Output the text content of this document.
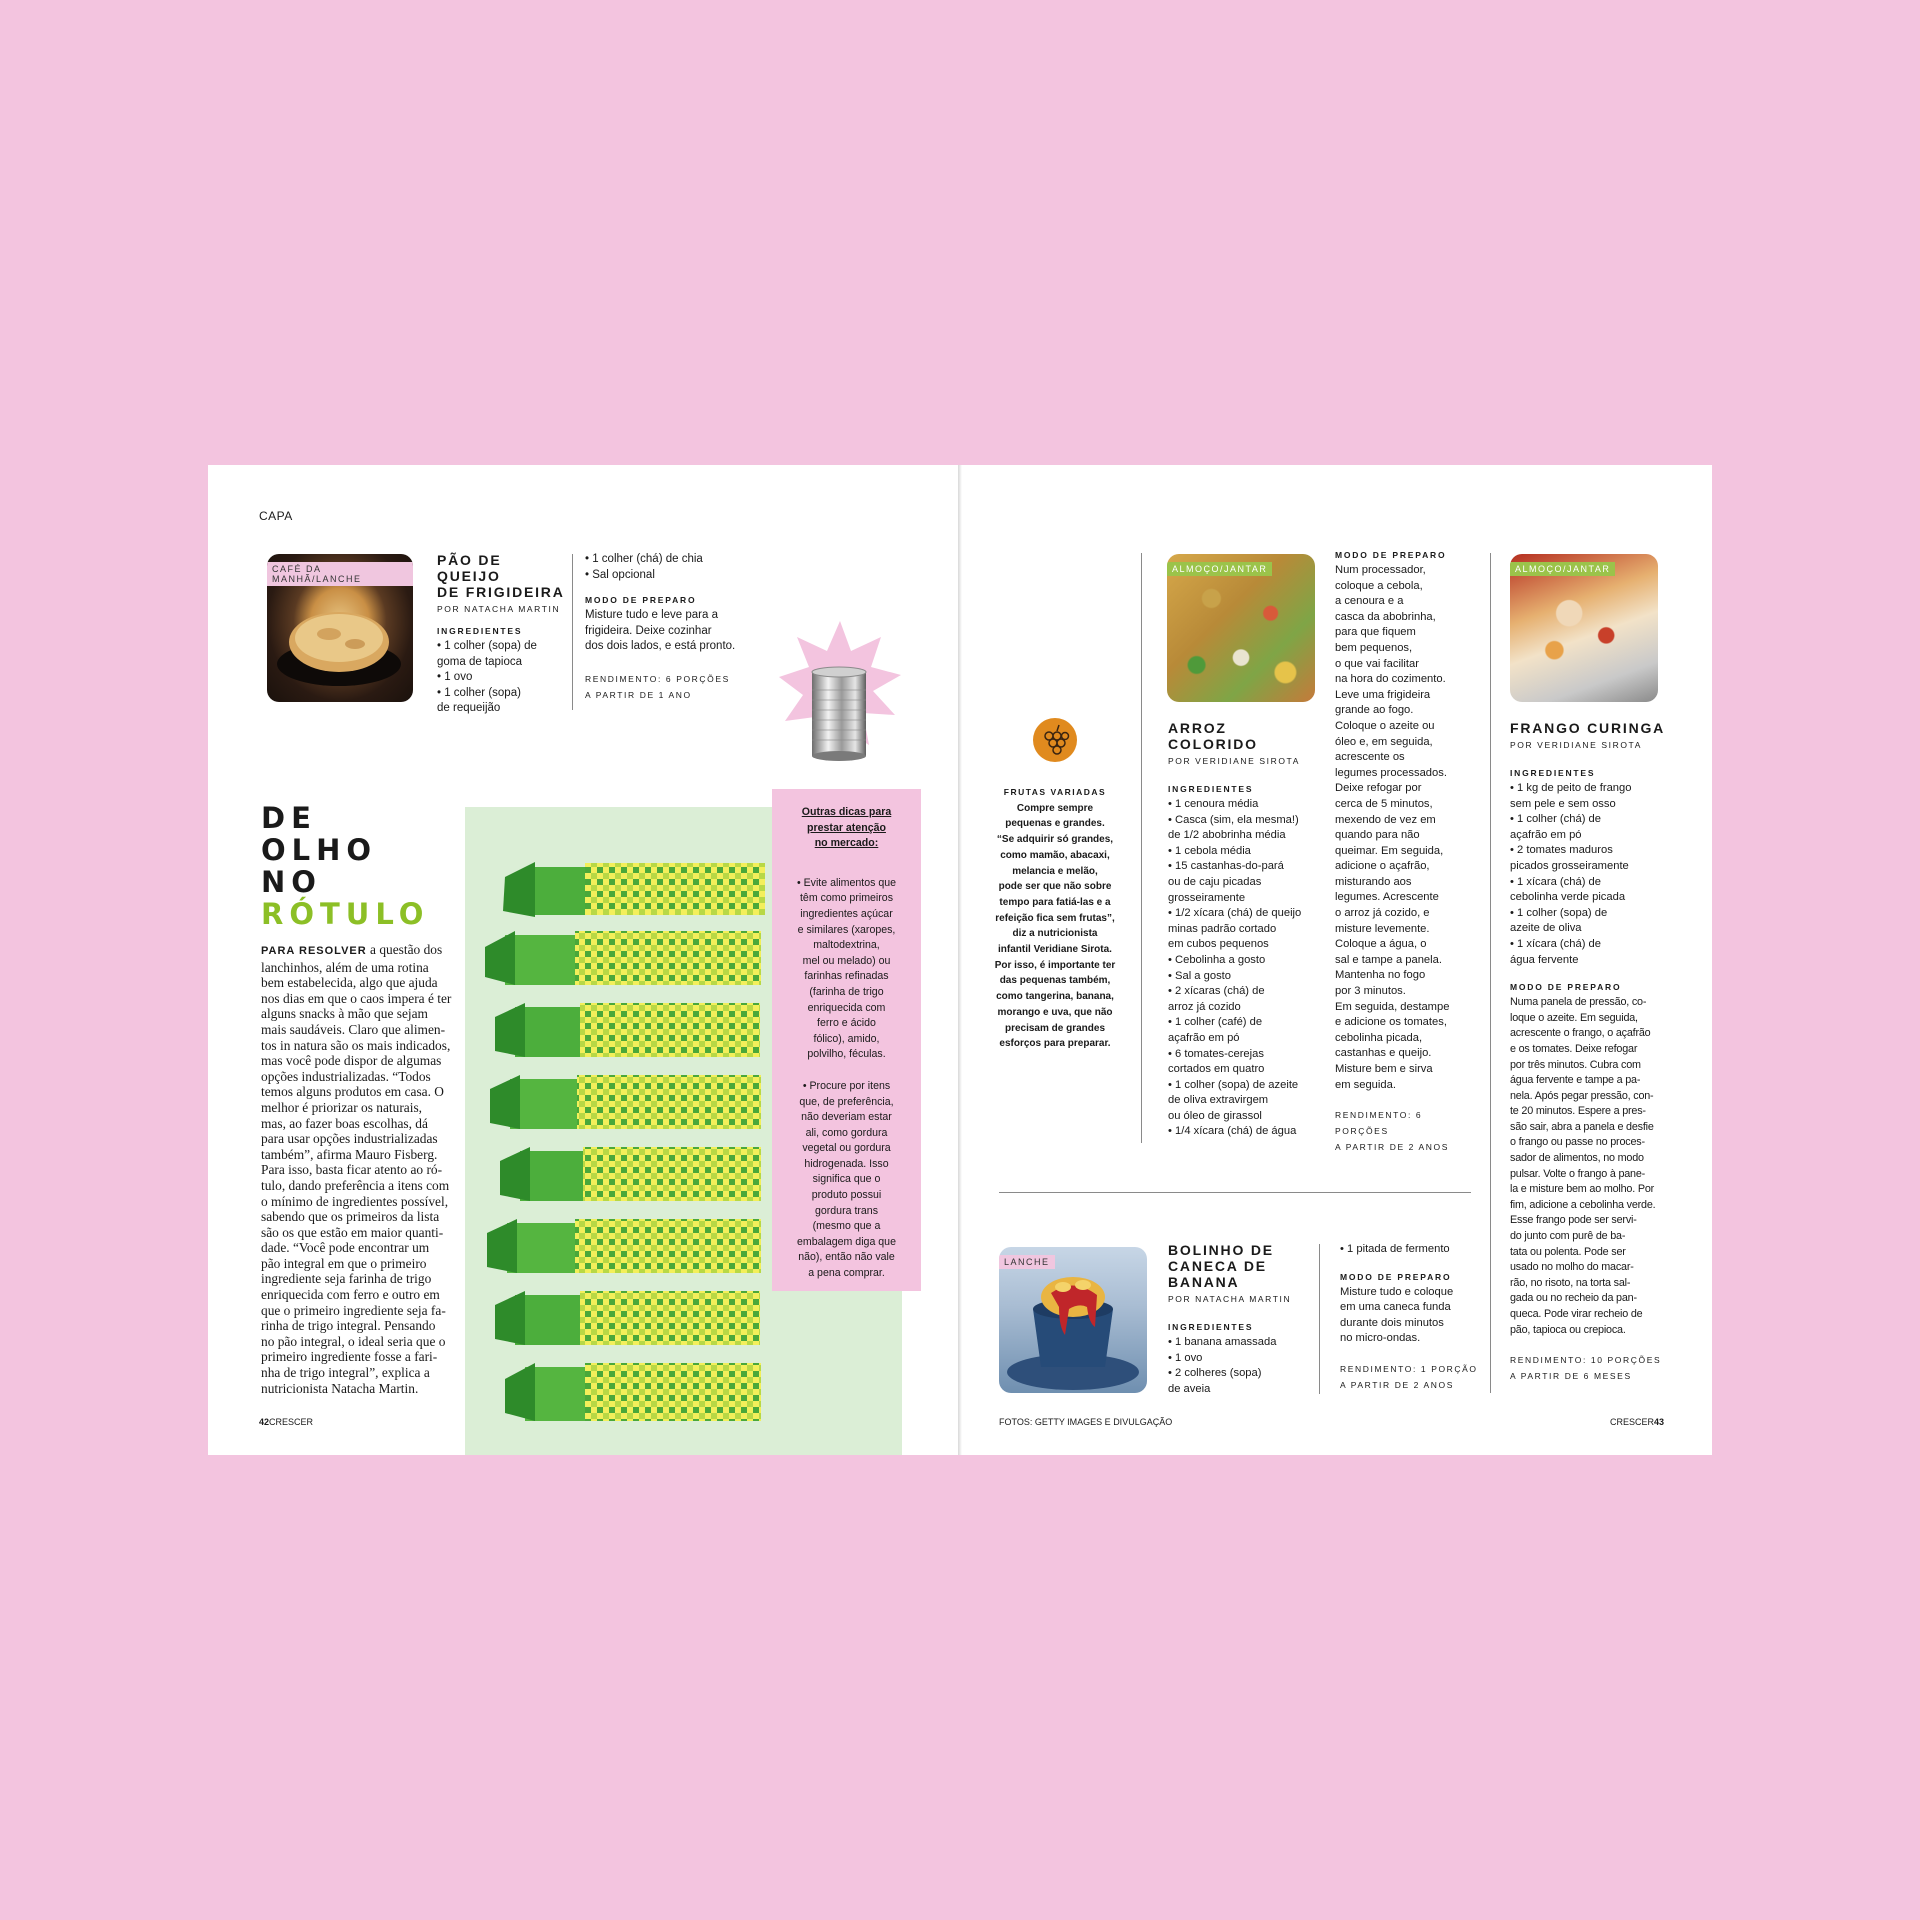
CAPA
CAFÉ DA MANHÃ/LANCHE
PÃO DE QUEIJO
DE FRIGIDEIRA
POR NATACHA MARTIN
INGREDIENTES
• 1 colher (sopa) de
goma de tapioca
• 1 ovo
• 1 colher (sopa)
de requeijão
• 1 colher (chá) de chia
• Sal opcional
MODO DE PREPARO
Misture tudo e leve para a
frigideira. Deixe cozinhar
dos dois lados, e está pronto.
RENDIMENTO: 6 PORÇÕES
A PARTIR DE 1 ANO
DE
OLHO
NO
RÓTULO
PARA RESOLVER a questão dos
lanchinhos, além de uma rotina
bem estabelecida, algo que ajuda
nos dias em que o caos impera é ter
alguns snacks à mão que sejam
mais saudáveis. Claro que alimen-
tos in natura são os mais indicados,
mas você pode dispor de algumas
opções industrializadas. “Todos
temos alguns produtos em casa. O
melhor é priorizar os naturais,
mas, ao fazer boas escolhas, dá
para usar opções industrializadas
também”, afirma Mauro Fisberg.
Para isso, basta ficar atento ao ró-
tulo, dando preferência a itens com
o mínimo de ingredientes possível,
sabendo que os primeiros da lista
são os que estão em maior quanti-
dade. “Você pode encontrar um
pão integral em que o primeiro
ingrediente seja farinha de trigo
enriquecida com ferro e outro em
que o primeiro ingrediente seja fa-
rinha de trigo integral. Pensando
no pão integral, o ideal seria que o
primeiro ingrediente fosse a fari-
nha de trigo integral”, explica a
nutricionista Natacha Martin.
Outras dicas para
prestar atenção
no mercado:
• Evite alimentos que
têm como primeiros
ingredientes açúcar
e similares (xaropes,
maltodextrina,
mel ou melado) ou
farinhas refinadas
(farinha de trigo
enriquecida com
ferro e ácido
fólico), amido,
polvilho, féculas.
• Procure por itens
que, de preferência,
não deveriam estar
ali, como gordura
vegetal ou gordura
hidrogenada. Isso
significa que o
produto possui
gordura trans
(mesmo que a
embalagem diga que
não), então não vale
a pena comprar.
42CRESCER
FRUTAS VARIADAS
Compre sempre
pequenas e grandes.
“Se adquirir só grandes,
como mamão, abacaxi,
melancia e melão,
pode ser que não sobre
tempo para fatiá-las e a
refeição fica sem frutas”,
diz a nutricionista
infantil Veridiane Sirota.
Por isso, é importante ter
das pequenas também,
como tangerina, banana,
morango e uva, que não
precisam de grandes
esforços para preparar.
ALMOÇO/JANTAR
ARROZ
COLORIDO
POR VERIDIANE SIROTA
INGREDIENTES
• 1 cenoura média
• Casca (sim, ela mesma!)
de 1/2 abobrinha média
• 1 cebola média
• 15 castanhas-do-pará
ou de caju picadas
grosseiramente
• 1/2 xícara (chá) de queijo
minas padrão cortado
em cubos pequenos
• Cebolinha a gosto
• Sal a gosto
• 2 xícaras (chá) de
arroz já cozido
• 1 colher (café) de
açafrão em pó
• 6 tomates-cerejas
cortados em quatro
• 1 colher (sopa) de azeite
de oliva extravirgem
ou óleo de girassol
• 1/4 xícara (chá) de água
MODO DE PREPARO
Num processador,
coloque a cebola,
a cenoura e a
casca da abobrinha,
para que fiquem
bem pequenos,
o que vai facilitar
na hora do cozimento.
Leve uma frigideira
grande ao fogo.
Coloque o azeite ou
óleo e, em seguida,
acrescente os
legumes processados.
Deixe refogar por
cerca de 5 minutos,
mexendo de vez em
quando para não
queimar. Em seguida,
adicione o açafrão,
misturando aos
legumes. Acrescente
o arroz já cozido, e
misture levemente.
Coloque a água, o
sal e tampe a panela.
Mantenha no fogo
por 3 minutos.
Em seguida, destampe
e adicione os tomates,
cebolinha picada,
castanhas e queijo.
Misture bem e sirva
em seguida.
RENDIMENTO: 6 PORÇÕES
A PARTIR DE 2 ANOS
ALMOÇO/JANTAR
FRANGO CURINGA
POR VERIDIANE SIROTA
INGREDIENTES
• 1 kg de peito de frango
sem pele e sem osso
• 1 colher (chá) de
açafrão em pó
• 2 tomates maduros
picados grosseiramente
• 1 xícara (chá) de
cebolinha verde picada
• 1 colher (sopa) de
azeite de oliva
• 1 xícara (chá) de
água fervente
MODO DE PREPARO
Numa panela de pressão, co-
loque o azeite. Em seguida,
acrescente o frango, o açafrão
e os tomates. Deixe refogar
por três minutos. Cubra com
água fervente e tampe a pa-
nela. Após pegar pressão, con-
te 20 minutos. Espere a pres-
são sair, abra a panela e desfie
o frango ou passe no proces-
sador de alimentos, no modo
pulsar. Volte o frango à pane-
la e misture bem ao molho. Por
fim, adicione a cebolinha verde.
Esse frango pode ser servi-
do junto com purê de ba-
tata ou polenta. Pode ser
usado no molho do macar-
rão, no risoto, na torta sal-
gada ou no recheio da pan-
queca. Pode virar recheio de
pão, tapioca ou crepioca.
RENDIMENTO: 10 PORÇÕES
A PARTIR DE 6 MESES
LANCHE
BOLINHO DE
CANECA DE
BANANA
POR NATACHA MARTIN
INGREDIENTES
• 1 banana amassada
• 1 ovo
• 2 colheres (sopa)
de aveia
• 1 pitada de fermento
MODO DE PREPARO
Misture tudo e coloque
em uma caneca funda
durante dois minutos
no micro-ondas.
RENDIMENTO: 1 PORÇÃO
A PARTIR DE 2 ANOS
FOTOS: GETTY IMAGES E DIVULGAÇÃO	CRESCER43
